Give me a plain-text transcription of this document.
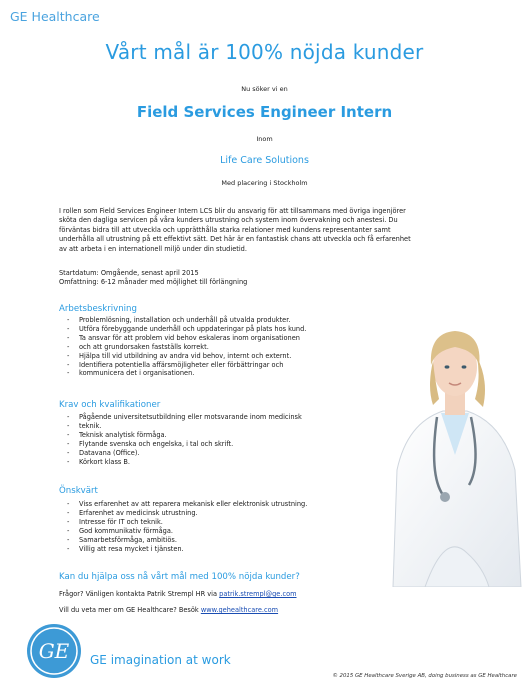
GE Healthcare
Vårt mål är 100% nöjda kunder
Nu söker vi en
Field Services Engineer Intern
Inom
Life Care Solutions
Med placering i Stockholm

I rollen som Field Services Engineer Intern LCS blir du ansvarig för att tillsammans med övriga ingenjörer
sköta den dagliga servicen på våra kunders utrustning och system inom övervakning och anestesi. Du
förväntas bidra till att utveckla och upprätthålla starka relationer med kundens representanter samt
underhålla all utrustning på ett effektivt sätt. Det här är en fantastisk chans att utveckla och få erfarenhet
av att arbeta i en internationell miljö under din studietid.

Startdatum: Omgående, senast april 2015
Omfattning: 6-12 månader med möjlighet till förlängning
Arbetsbeskrivning
- Problemlösning, installation och underhåll på utvalda produkter.
- Utföra förebyggande underhåll och uppdateringar på plats hos kund.
- Ta ansvar för att problem vid behov eskaleras inom organisationen
- och att grundorsaken fastställs korrekt.
- Hjälpa till vid utbildning av andra vid behov, internt och externt.
- Identifiera potentiella affärsmöjligheter eller förbättringar och
- kommunicera det i organisationen.
Krav och kvalifikationer
- Pågående universitetsutbildning eller motsvarande inom medicinsk
- teknik.
- Teknisk analytisk förmåga.
- Flytande svenska och engelska, i tal och skrift.
- Datavana (Office).
- Körkort klass B.
Önskvärt
- Viss erfarenhet av att reparera mekanisk eller elektronisk utrustning.
- Erfarenhet av medicinsk utrustning.
- Intresse för IT och teknik.
- God kommunikativ förmåga.
- Samarbetsförmåga, ambitiös.
- Villig att resa mycket i tjänsten.
Kan du hjälpa oss nå vårt mål med 100% nöjda kunder?
Frågor? Vänligen kontakta Patrik Strempl HR via patrik.strempl@ge.com
Vill du veta mer om GE Healthcare? Besök www.gehealthcare.com
GE GE imagination at work
© 2015 GE Healthcare Sverige AB, doing business as GE Healthcare
